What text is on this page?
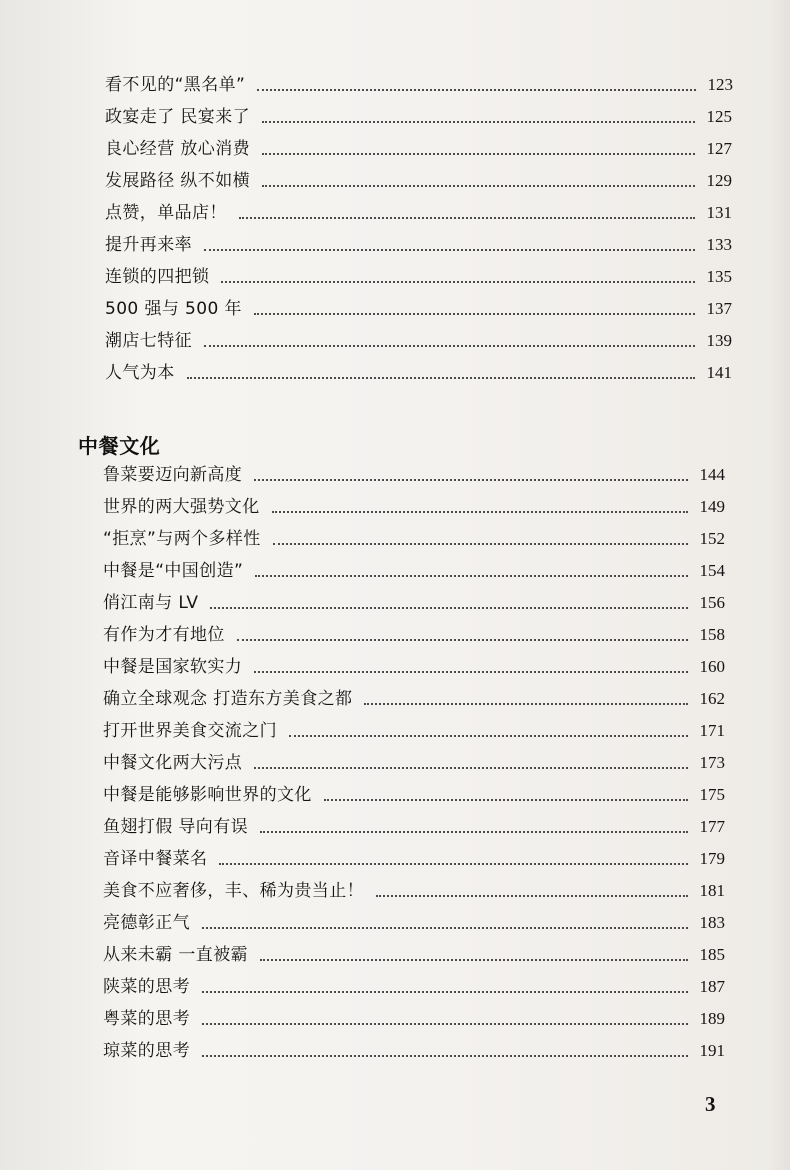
看不见的“黑名单”	123
政宴走了 民宴来了	125
良心经营 放心消费	127
发展路径 纵不如横	129
点赞，单品店！	131
提升再来率	133
连锁的四把锁	135
500 强与 500 年	137
潮店七特征	139
人气为本	141
中餐文化
鲁菜要迈向新高度	144
世界的两大强势文化	149
“拒烹”与两个多样性	152
中餐是“中国创造”	154
俏江南与 LV	156
有作为才有地位	158
中餐是国家软实力	160
确立全球观念 打造东方美食之都	162
打开世界美食交流之门	171
中餐文化两大污点	173
中餐是能够影响世界的文化	175
鱼翅打假 导向有误	177
音译中餐菜名	179
美食不应奢侈，丰、稀为贵当止！	181
亮德彰正气	183
从来未霸 一直被霸	185
陕菜的思考	187
粤菜的思考	189
琼菜的思考	191
3
